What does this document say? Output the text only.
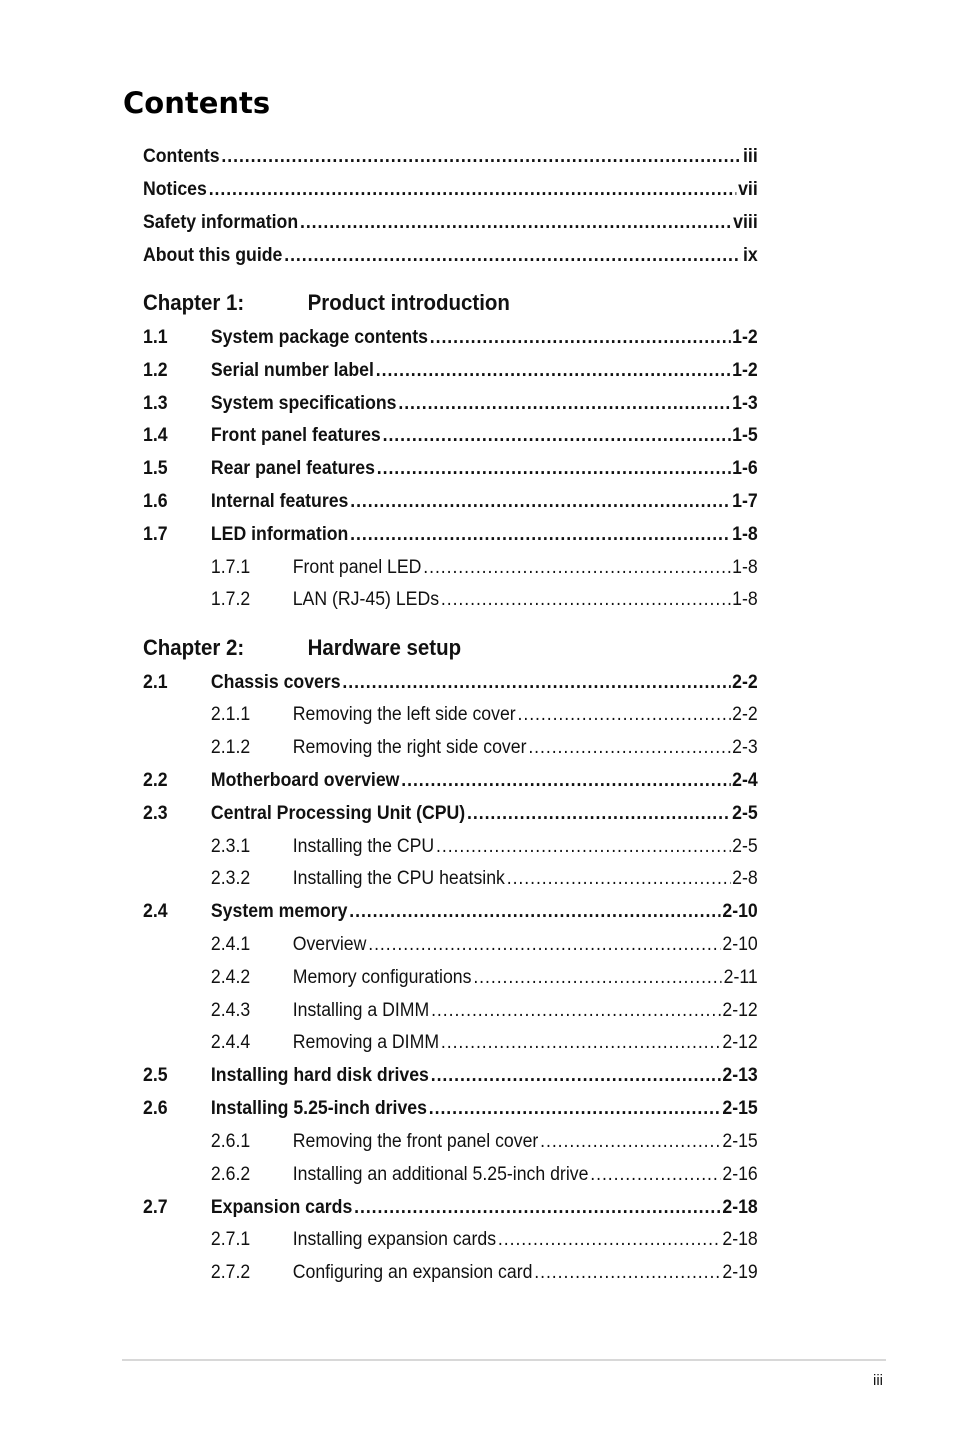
Contents
Contents .....	iii
Notices .....	vii
Safety information .....	viii
About this guide .....	ix
Chapter 1:	Product introduction
1.1	System package contents .....	1-2
1.2	Serial number label .....	1-2
1.3	System specifications .....	1-3
1.4	Front panel features .....	1-5
1.5	Rear panel features .....	1-6
1.6	Internal features .....	1-7
1.7	LED information .....	1-8
1.7.1	Front panel LED .....	1-8
1.7.2	LAN (RJ-45) LEDs .....	1-8
Chapter 2:	Hardware setup
2.1	Chassis covers .....	2-2
2.1.1	Removing the left side cover .....	2-2
2.1.2	Removing the right side cover .....	2-3
2.2	Motherboard overview .....	2-4
2.3	Central Processing Unit (CPU) .....	2-5
2.3.1	Installing the CPU .....	2-5
2.3.2	Installing the CPU heatsink .....	2-8
2.4	System memory .....	2-10
2.4.1	Overview .....	2-10
2.4.2	Memory configurations .....	2-11
2.4.3	Installing a DIMM .....	2-12
2.4.4	Removing a DIMM .....	2-12
2.5	Installing hard disk drives .....	2-13
2.6	Installing 5.25-inch drives .....	2-15
2.6.1	Removing the front panel cover .....	2-15
2.6.2	Installing an additional 5.25-inch drive .....	2-16
2.7	Expansion cards .....	2-18
2.7.1	Installing expansion cards .....	2-18
2.7.2	Configuring an expansion card .....	2-19
iii
